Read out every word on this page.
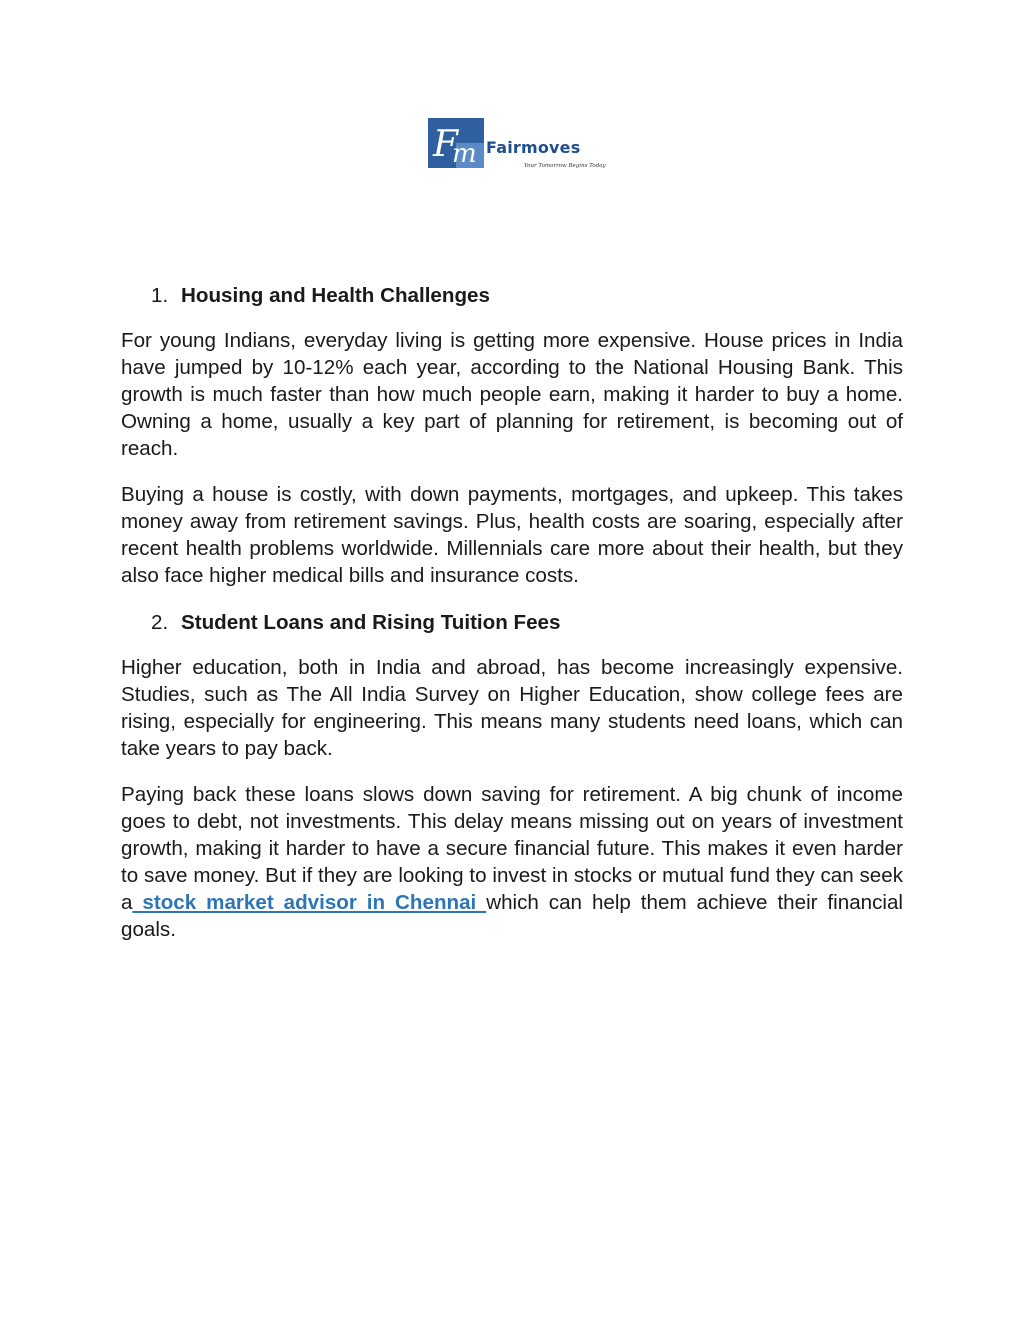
F
m Fairmoves
Your Tomorrow Begins Today
1. Housing and Health Challenges

For young Indians, everyday living is getting more expensive. House prices in India have jumped by 10-12% each year, according to the National Housing Bank. This growth is much faster than how much people earn, making it harder to buy a home. Owning a home, usually a key part of planning for retirement, is becoming out of reach.

Buying a house is costly, with down payments, mortgages, and upkeep. This takes money away from retirement savings. Plus, health costs are soaring, especially after recent health problems worldwide. Millennials care more about their health, but they also face higher medical bills and insurance costs.

2. Student Loans and Rising Tuition Fees

Higher education, both in India and abroad, has become increasingly expensive. Studies, such as The All India Survey on Higher Education, show college fees are rising, especially for engineering. This means many students need loans, which can take years to pay back.

Paying back these loans slows down saving for retirement. A big chunk of income goes to debt, not investments. This delay means missing out on years of investment growth, making it harder to have a secure financial future. This makes it even harder to save money. But if they are looking to invest in stocks or mutual fund they can seek a stock market advisor in Chennai which can help them achieve their financial goals.
